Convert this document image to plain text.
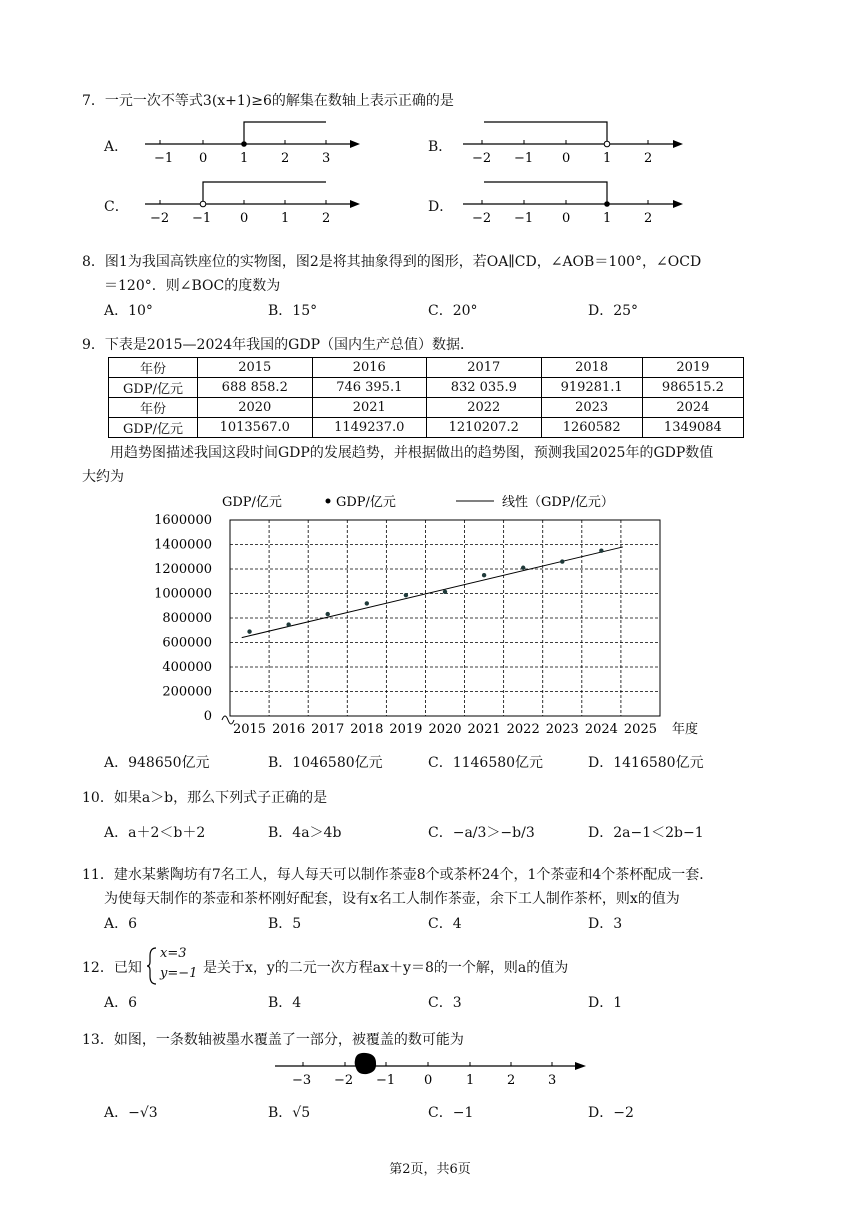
7．一元一次不等式3(x+1)≥6的解集在数轴上表示正确的是
A．
−1 0	1	2	3
B．
−2 −1 0	1	2
C．
−2 −1 0	1	2
D．
−2 −1 0	1	2
8．图1为我国高铁座位的实物图，图2是将其抽象得到的图形，若OA∥CD，∠AOB＝100°，∠OCD
＝120°．则∠BOC的度数为
A．10°	B．15°	C．20°	D．25°
9．下表是2015—2024年我国的GDP（国内生产总值）数据．
年份	2015	2016	2017	2018	2019
GDP/亿元	688 858.2	746 395.1	832 035.9	919281.1	986515.2
年份	2020	2021	2022	2023	2024
GDP/亿元	1013567.0	1149237.0	1210207.2	1260582	1349084
用趋势图描述我国这段时间GDP的发展趋势，并根据做出的趋势图，预测我国2025年的GDP数值
大约为
GDP/亿元	GDP/亿元	线性（GDP/亿元）
0
200000
400000
600000
800000
1000000
1200000
1400000
1600000
2015 2016 2017 2018 2019 2020 2021 2022 2023 2024 2025 年度
A．948650亿元	B．1046580亿元	C．1146580亿元	D．1416580亿元
10．如果a＞b，那么下列式子正确的是
A．a＋2＜b＋2	B．4a＞4b	C．−a/3＞−b/3	D．2a−1＜2b−1
11．建水某紫陶坊有7名工人，每人每天可以制作茶壶8个或茶杯24个，1个茶壶和4个茶杯配成一套．
为使每天制作的茶壶和茶杯刚好配套，设有x名工人制作茶壶，余下工人制作茶杯，则x的值为
A．6	B．5	C．4	D．3
12．已知
x=3
y=−1 是关于x，y的二元一次方程ax＋y＝8的一个解，则a的值为
A．6	B．4	C．3	D．1
13．如图，一条数轴被墨水覆盖了一部分，被覆盖的数可能为
−3 −2 −1 0	1	2	3
A．−√3	B．√5	C．−1	D．−2
第2页，共6页
